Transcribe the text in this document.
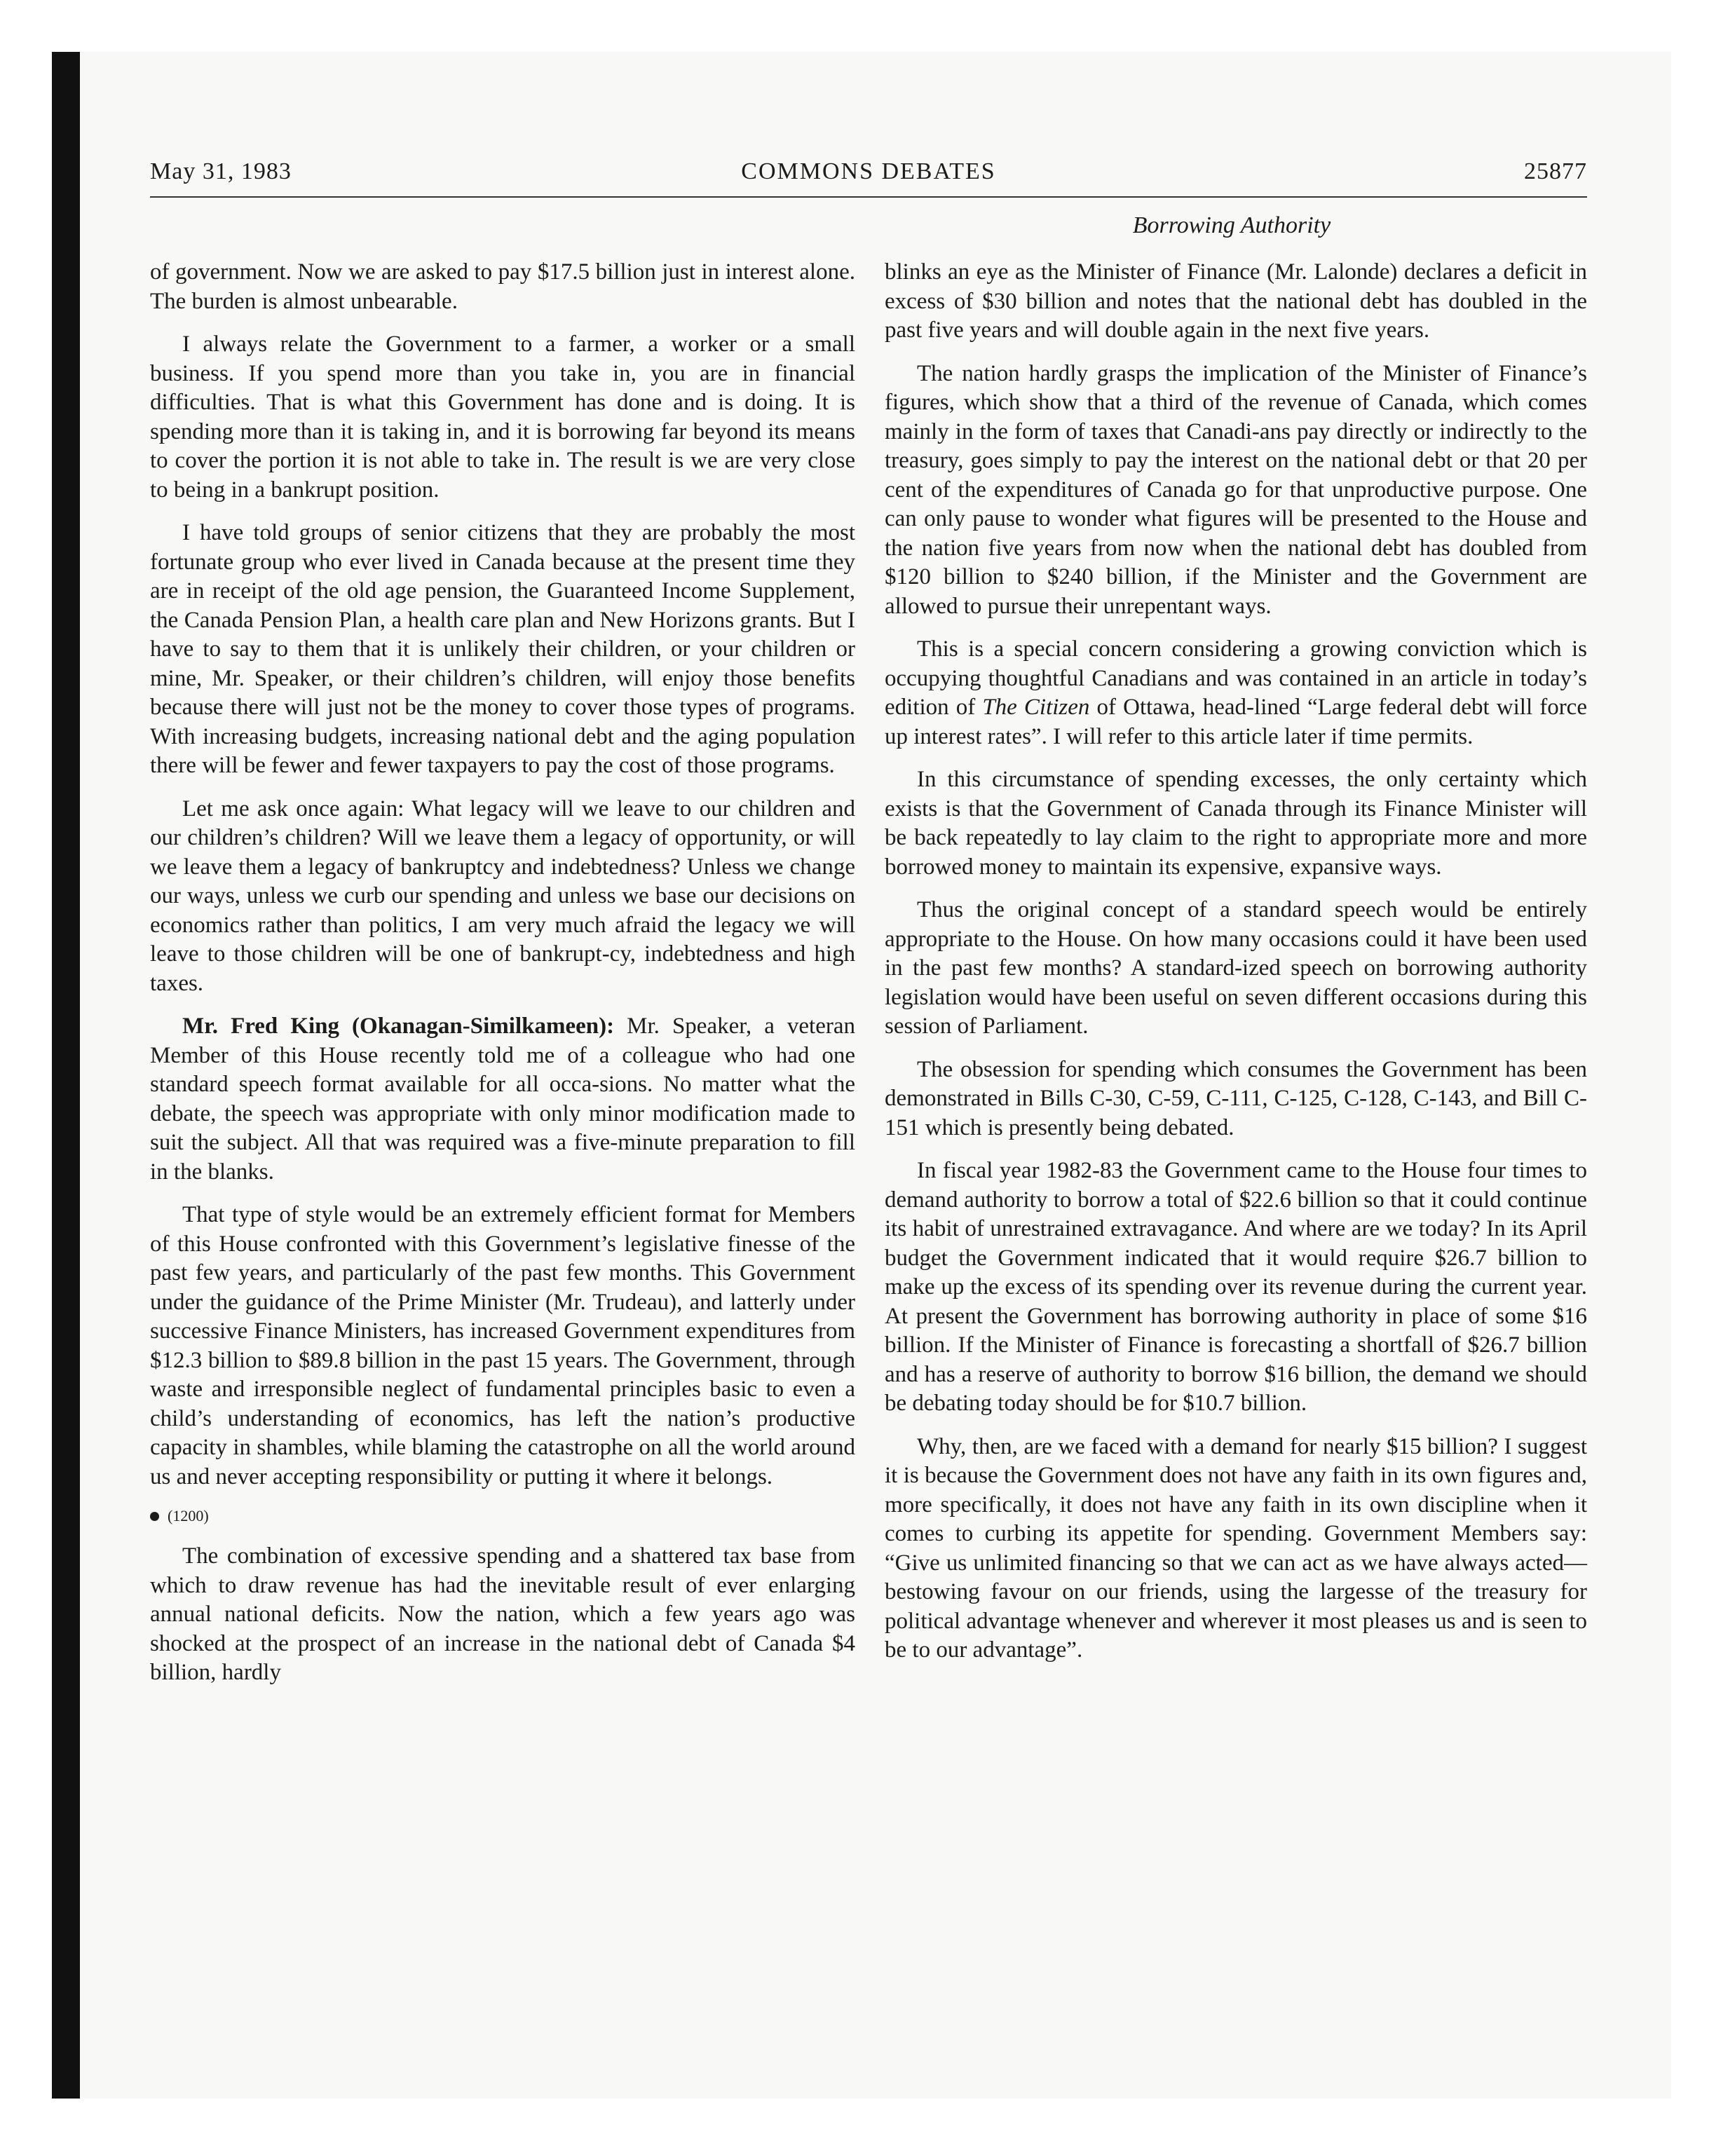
May 31, 1983	COMMONS DEBATES	25877
Borrowing Authority

of government. Now we are asked to pay $17.5 billion just in interest alone. The burden is almost unbearable.

I always relate the Government to a farmer, a worker or a small business. If you spend more than you take in, you are in financial difficulties. That is what this Government has done and is doing. It is spending more than it is taking in, and it is borrowing far beyond its means to cover the portion it is not able to take in. The result is we are very close to being in a bankrupt position.

I have told groups of senior citizens that they are probably the most fortunate group who ever lived in Canada because at the present time they are in receipt of the old age pension, the Guaranteed Income Supplement, the Canada Pension Plan, a health care plan and New Horizons grants. But I have to say to them that it is unlikely their children, or your children or mine, Mr. Speaker, or their children’s children, will enjoy those benefits because there will just not be the money to cover those types of programs. With increasing budgets, increasing national debt and the aging population there will be fewer and fewer taxpayers to pay the cost of those programs.

Let me ask once again: What legacy will we leave to our children and our children’s children? Will we leave them a legacy of opportunity, or will we leave them a legacy of bankruptcy and indebtedness? Unless we change our ways, unless we curb our spending and unless we base our decisions on economics rather than politics, I am very much afraid the legacy we will leave to those children will be one of bankrupt-cy, indebtedness and high taxes.

Mr. Fred King (Okanagan-Similkameen): Mr. Speaker, a veteran Member of this House recently told me of a colleague who had one standard speech format available for all occa-sions. No matter what the debate, the speech was appropriate with only minor modification made to suit the subject. All that was required was a five-minute preparation to fill in the blanks.

That type of style would be an extremely efficient format for Members of this House confronted with this Government’s legislative finesse of the past few years, and particularly of the past few months. This Government under the guidance of the Prime Minister (Mr. Trudeau), and latterly under successive Finance Ministers, has increased Government expenditures from $12.3 billion to $89.8 billion in the past 15 years. The Government, through waste and irresponsible neglect of fundamental principles basic to even a child’s understanding of economics, has left the nation’s productive capacity in shambles, while blaming the catastrophe on all the world around us and never accepting responsibility or putting it where it belongs.

(1200)

The combination of excessive spending and a shattered tax base from which to draw revenue has had the inevitable result of ever enlarging annual national deficits. Now the nation, which a few years ago was shocked at the prospect of an increase in the national debt of Canada $4 billion, hardly

blinks an eye as the Minister of Finance (Mr. Lalonde) declares a deficit in excess of $30 billion and notes that the national debt has doubled in the past five years and will double again in the next five years.

The nation hardly grasps the implication of the Minister of Finance’s figures, which show that a third of the revenue of Canada, which comes mainly in the form of taxes that Canadi-ans pay directly or indirectly to the treasury, goes simply to pay the interest on the national debt or that 20 per cent of the expenditures of Canada go for that unproductive purpose. One can only pause to wonder what figures will be presented to the House and the nation five years from now when the national debt has doubled from $120 billion to $240 billion, if the Minister and the Government are allowed to pursue their unrepentant ways.

This is a special concern considering a growing conviction which is occupying thoughtful Canadians and was contained in an article in today’s edition of The Citizen of Ottawa, head-lined “Large federal debt will force up interest rates”. I will refer to this article later if time permits.

In this circumstance of spending excesses, the only certainty which exists is that the Government of Canada through its Finance Minister will be back repeatedly to lay claim to the right to appropriate more and more borrowed money to maintain its expensive, expansive ways.

Thus the original concept of a standard speech would be entirely appropriate to the House. On how many occasions could it have been used in the past few months? A standard-ized speech on borrowing authority legislation would have been useful on seven different occasions during this session of Parliament.

The obsession for spending which consumes the Government has been demonstrated in Bills C-30, C-59, C-111, C-125, C-128, C-143, and Bill C-151 which is presently being debated.

In fiscal year 1982-83 the Government came to the House four times to demand authority to borrow a total of $22.6 billion so that it could continue its habit of unrestrained extravagance. And where are we today? In its April budget the Government indicated that it would require $26.7 billion to make up the excess of its spending over its revenue during the current year. At present the Government has borrowing authority in place of some $16 billion. If the Minister of Finance is forecasting a shortfall of $26.7 billion and has a reserve of authority to borrow $16 billion, the demand we should be debating today should be for $10.7 billion.

Why, then, are we faced with a demand for nearly $15 billion? I suggest it is because the Government does not have any faith in its own figures and, more specifically, it does not have any faith in its own discipline when it comes to curbing its appetite for spending. Government Members say: “Give us unlimited financing so that we can act as we have always acted—bestowing favour on our friends, using the largesse of the treasury for political advantage whenever and wherever it most pleases us and is seen to be to our advantage”.
